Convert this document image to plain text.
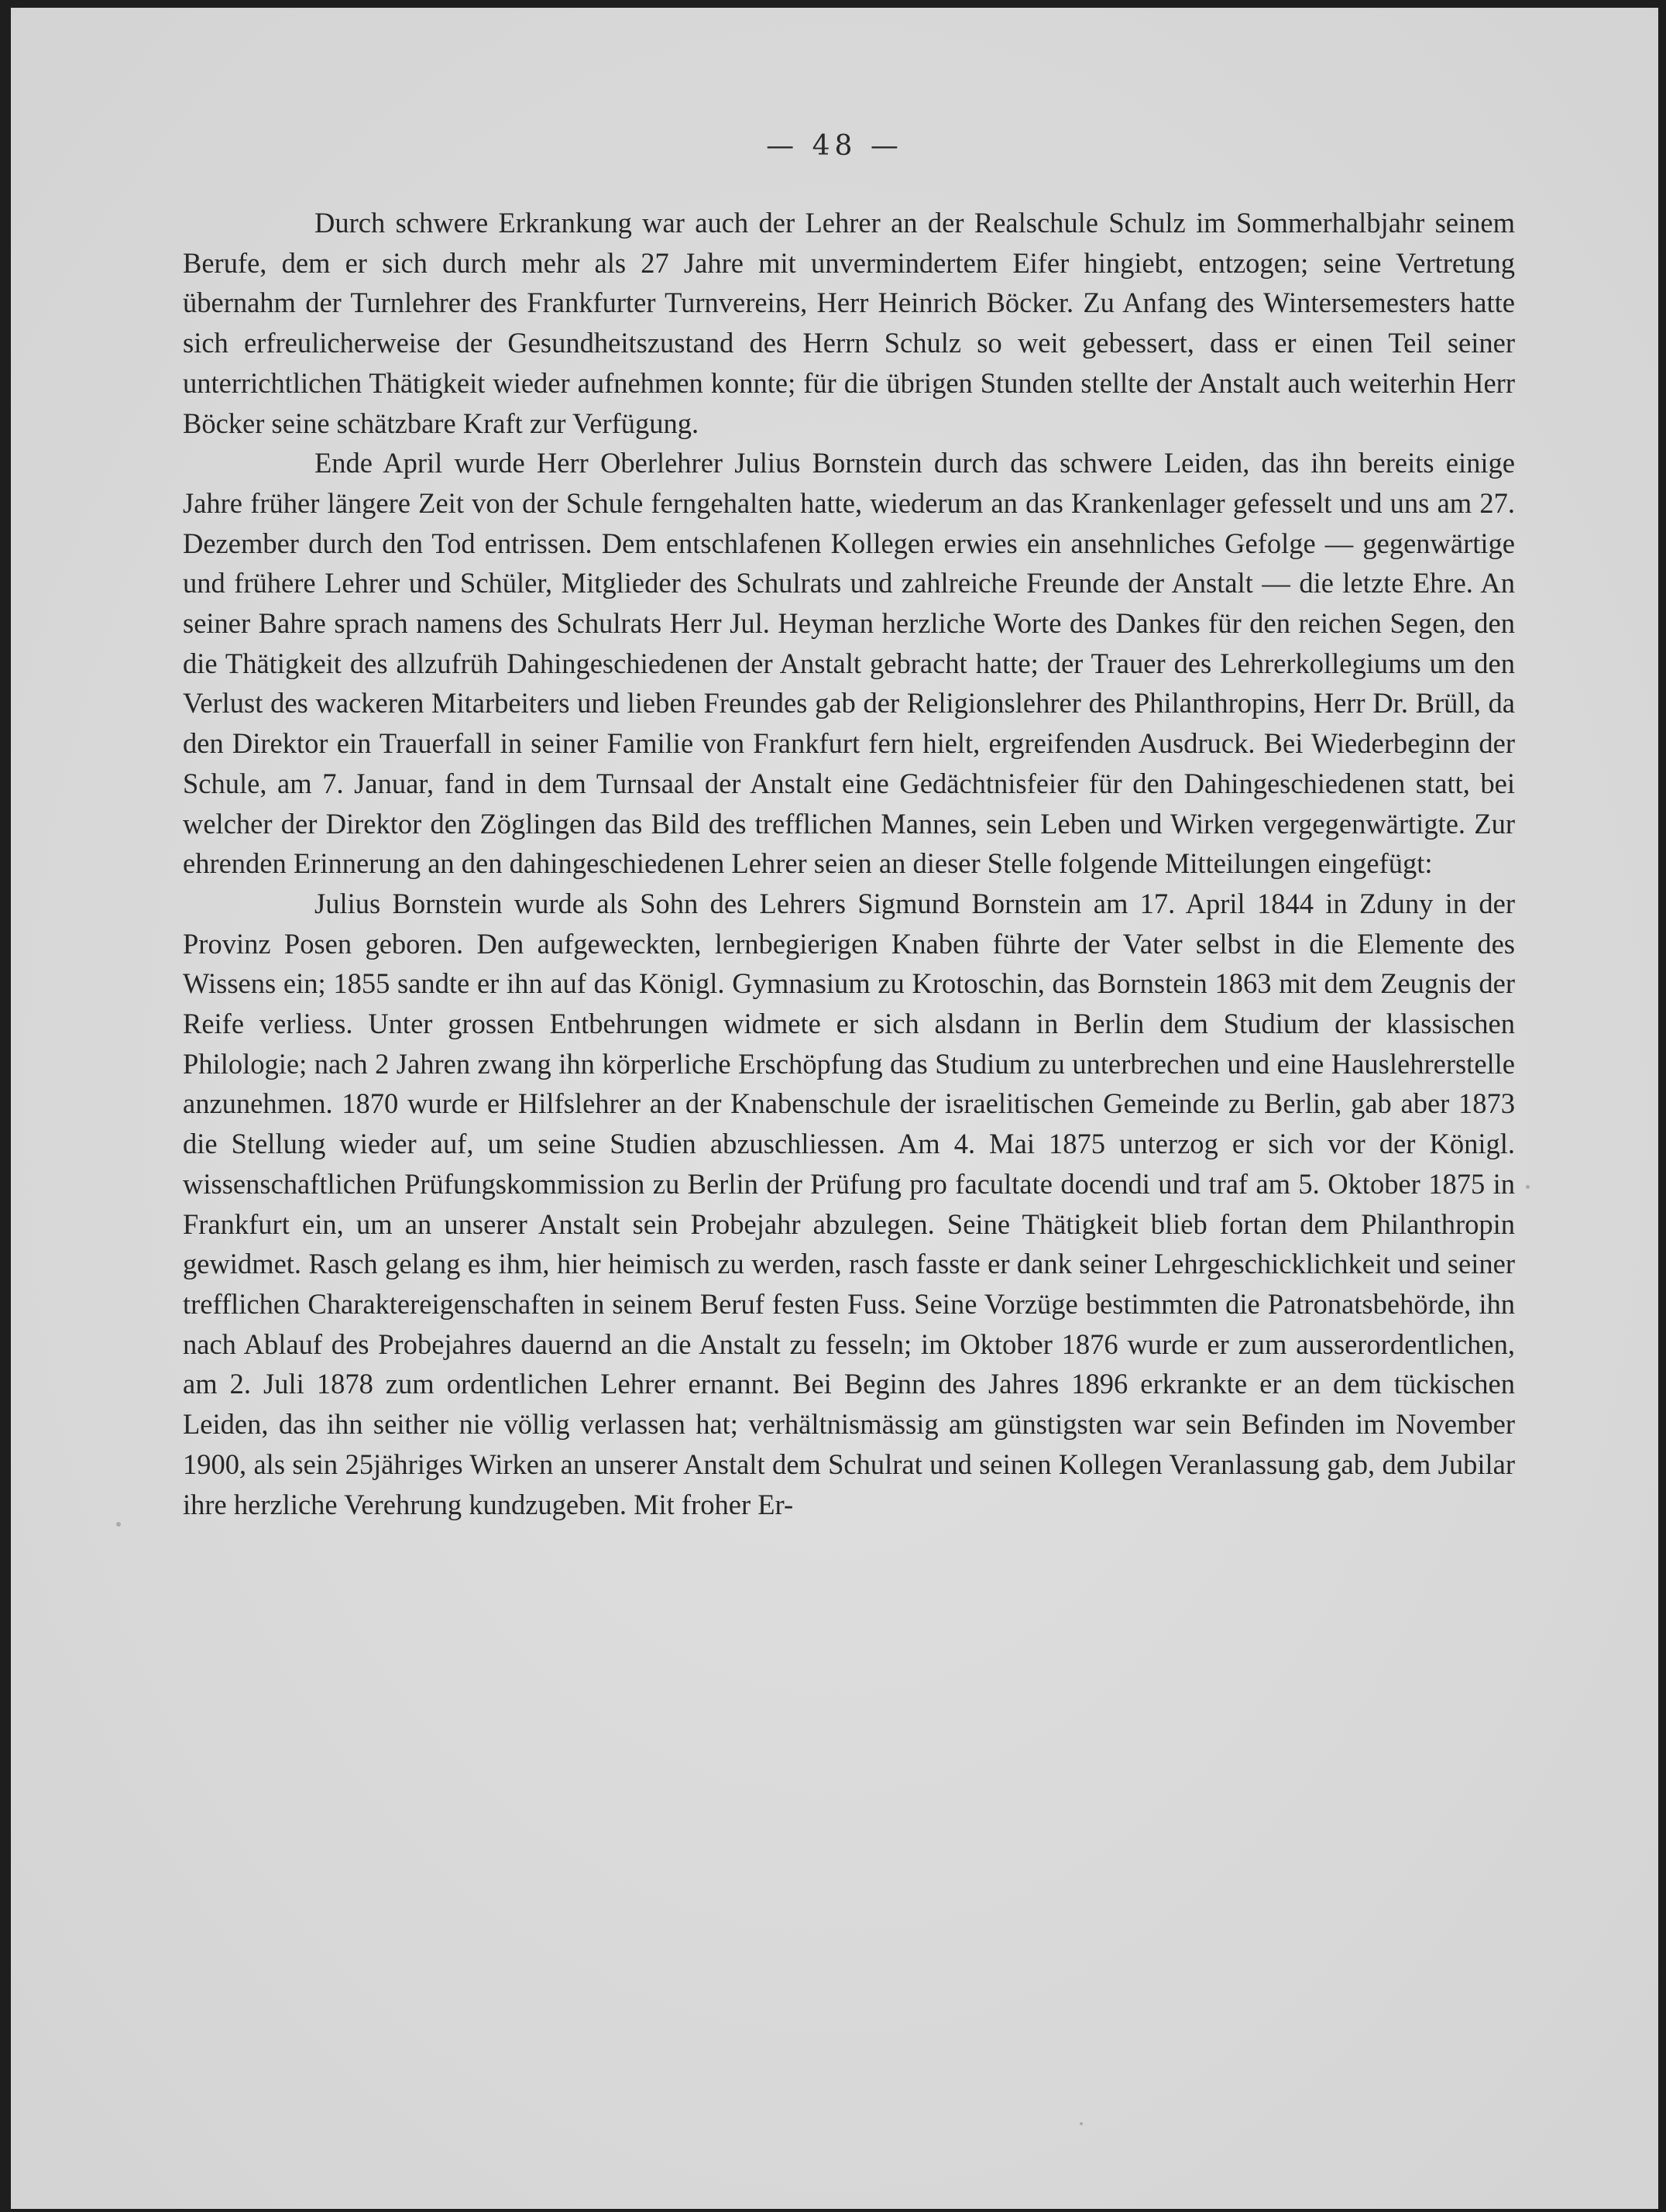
— 48 —

Durch schwere Erkrankung war auch der Lehrer an der Realschule Schulz im Sommerhalbjahr seinem Berufe, dem er sich durch mehr als 27 Jahre mit unvermindertem Eifer hingiebt, entzogen; seine Vertretung übernahm der Turnlehrer des Frankfurter Turnvereins, Herr Heinrich Böcker. Zu Anfang des Wintersemesters hatte sich erfreulicherweise der Gesundheitszustand des Herrn Schulz so weit gebessert, dass er einen Teil seiner unterrichtlichen Thätigkeit wieder aufnehmen konnte; für die übrigen Stunden stellte der Anstalt auch weiterhin Herr Böcker seine schätzbare Kraft zur Verfügung.

Ende April wurde Herr Oberlehrer Julius Bornstein durch das schwere Leiden, das ihn bereits einige Jahre früher längere Zeit von der Schule ferngehalten hatte, wiederum an das Krankenlager gefesselt und uns am 27. Dezember durch den Tod entrissen. Dem entschlafenen Kollegen erwies ein ansehnliches Gefolge — gegenwärtige und frühere Lehrer und Schüler, Mitglieder des Schulrats und zahlreiche Freunde der Anstalt — die letzte Ehre. An seiner Bahre sprach namens des Schulrats Herr Jul. Heyman herzliche Worte des Dankes für den reichen Segen, den die Thätigkeit des allzufrüh Dahingeschiedenen der Anstalt gebracht hatte; der Trauer des Lehrerkollegiums um den Verlust des wackeren Mitarbeiters und lieben Freundes gab der Religionslehrer des Philanthropins, Herr Dr. Brüll, da den Direktor ein Trauerfall in seiner Familie von Frankfurt fern hielt, ergreifenden Ausdruck. Bei Wiederbeginn der Schule, am 7. Januar, fand in dem Turnsaal der Anstalt eine Gedächtnisfeier für den Dahingeschiedenen statt, bei welcher der Direktor den Zöglingen das Bild des trefflichen Mannes, sein Leben und Wirken vergegenwärtigte. Zur ehrenden Erinnerung an den dahingeschiedenen Lehrer seien an dieser Stelle folgende Mitteilungen eingefügt:

Julius Bornstein wurde als Sohn des Lehrers Sigmund Bornstein am 17. April 1844 in Zduny in der Provinz Posen geboren. Den aufgeweckten, lernbegierigen Knaben führte der Vater selbst in die Elemente des Wissens ein; 1855 sandte er ihn auf das Königl. Gymnasium zu Krotoschin, das Bornstein 1863 mit dem Zeugnis der Reife verliess. Unter grossen Entbehrungen widmete er sich alsdann in Berlin dem Studium der klassischen Philologie; nach 2 Jahren zwang ihn körperliche Erschöpfung das Studium zu unterbrechen und eine Hauslehrerstelle anzunehmen. 1870 wurde er Hilfslehrer an der Knabenschule der israelitischen Gemeinde zu Berlin, gab aber 1873 die Stellung wieder auf, um seine Studien abzuschliessen. Am 4. Mai 1875 unterzog er sich vor der Königl. wissenschaftlichen Prüfungskommission zu Berlin der Prüfung pro facultate docendi und traf am 5. Oktober 1875 in Frankfurt ein, um an unserer Anstalt sein Probejahr abzulegen. Seine Thätigkeit blieb fortan dem Philanthropin gewidmet. Rasch gelang es ihm, hier heimisch zu werden, rasch fasste er dank seiner Lehrgeschicklichkeit und seiner trefflichen Charaktereigenschaften in seinem Beruf festen Fuss. Seine Vorzüge bestimmten die Patronatsbehörde, ihn nach Ablauf des Probejahres dauernd an die Anstalt zu fesseln; im Oktober 1876 wurde er zum ausserordentlichen, am 2. Juli 1878 zum ordentlichen Lehrer ernannt. Bei Beginn des Jahres 1896 erkrankte er an dem tückischen Leiden, das ihn seither nie völlig verlassen hat; verhältnismässig am günstigsten war sein Befinden im November 1900, als sein 25jähriges Wirken an unserer Anstalt dem Schulrat und seinen Kollegen Veranlassung gab, dem Jubilar ihre herzliche Verehrung kundzugeben. Mit froher Er-
